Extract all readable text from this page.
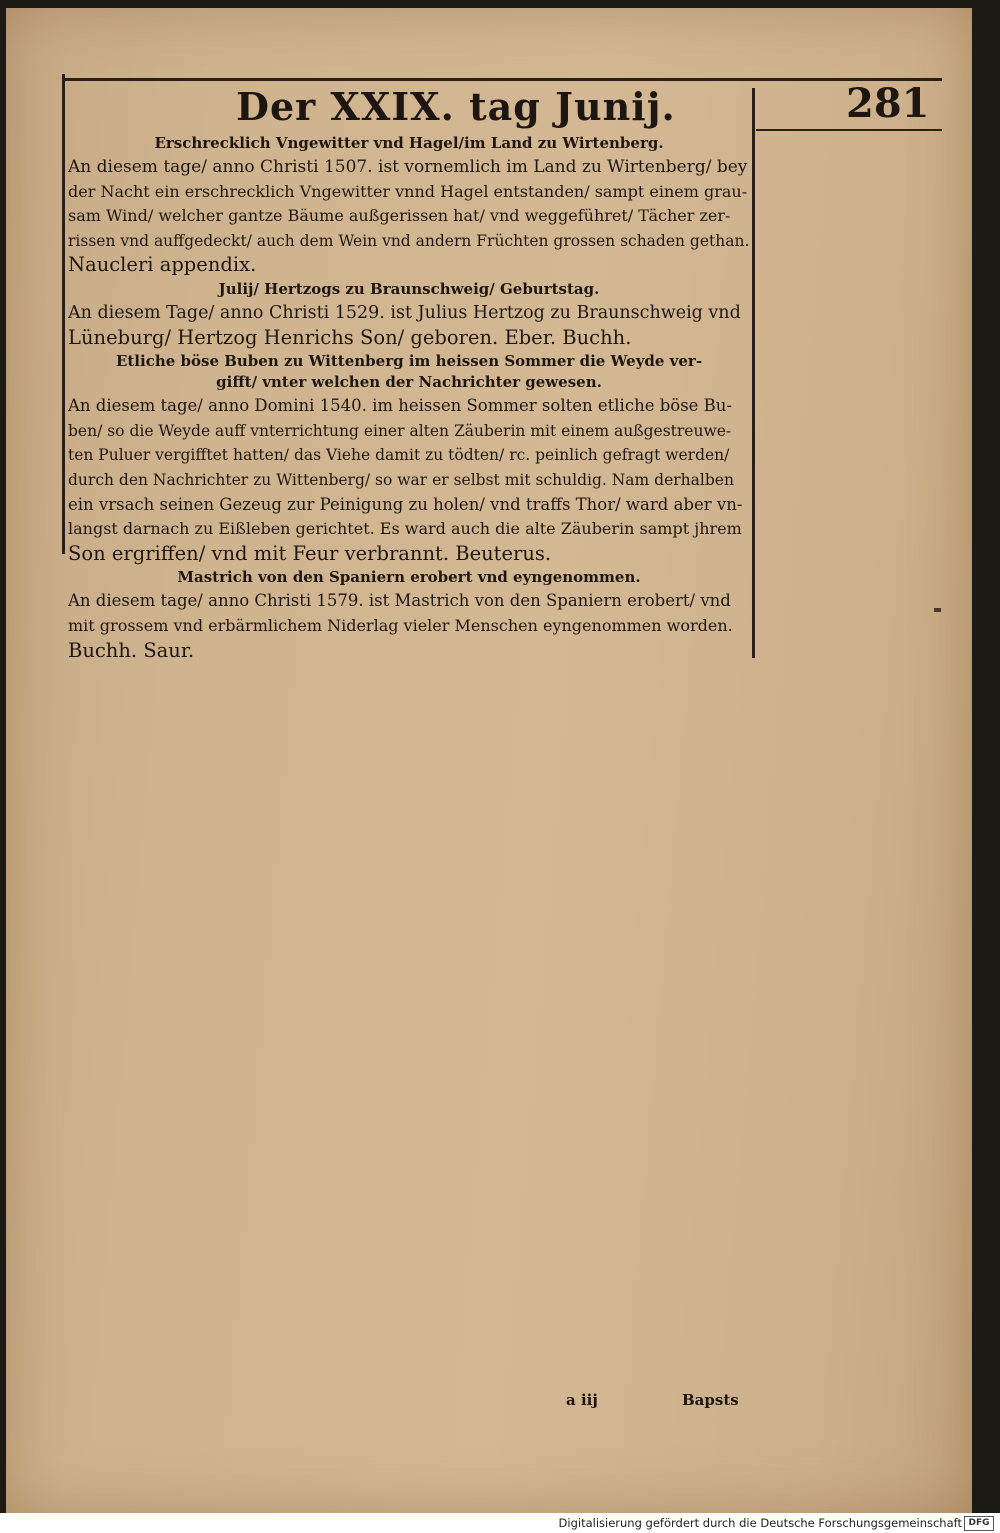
Der XXIX. tag Junij.	281
Erschrecklich Vngewitter vnd Hagel/im Land zu Wirtenberg.
An diesem tage/ anno Christi 1507. ist vornemlich im Land zu Wirtenberg/ bey
der Nacht ein erschrecklich Vngewitter vnnd Hagel entstanden/ sampt einem grau-
sam Wind/ welcher gantze Bäume außgerissen hat/ vnd weggeführet/ Tächer zer-
rissen vnd auffgedeckt/ auch dem Wein vnd andern Früchten grossen schaden gethan.
Naucleri appendix.
Julij/ Hertzogs zu Braunschweig/ Geburtstag.
An diesem Tage/ anno Christi 1529. ist Julius Hertzog zu Braunschweig vnd
Lüneburg/ Hertzog Henrichs Son/ geboren. Eber. Buchh.
Etliche böse Buben zu Wittenberg im heissen Sommer die Weyde ver-
gifft/ vnter welchen der Nachrichter gewesen.
An diesem tage/ anno Domini 1540. im heissen Sommer solten etliche böse Bu-
ben/ so die Weyde auff vnterrichtung einer alten Zäuberin mit einem außgestreuwe-
ten Puluer vergifftet hatten/ das Viehe damit zu tödten/ rc. peinlich gefragt werden/
durch den Nachrichter zu Wittenberg/ so war er selbst mit schuldig. Nam derhalben
ein vrsach seinen Gezeug zur Peinigung zu holen/ vnd traffs Thor/ ward aber vn-
langst darnach zu Eißleben gerichtet. Es ward auch die alte Zäuberin sampt jhrem
Son ergriffen/ vnd mit Feur verbrannt. Beuterus.
Mastrich von den Spaniern erobert vnd eyngenommen.
An diesem tage/ anno Christi 1579. ist Mastrich von den Spaniern erobert/ vnd
mit grossem vnd erbärmlichem Niderlag vieler Menschen eyngenommen worden.
Buchh. Saur.
a iij	Bapsts
Digitalisierung gefördert durch die Deutsche Forschungsgemeinschaft DFG
